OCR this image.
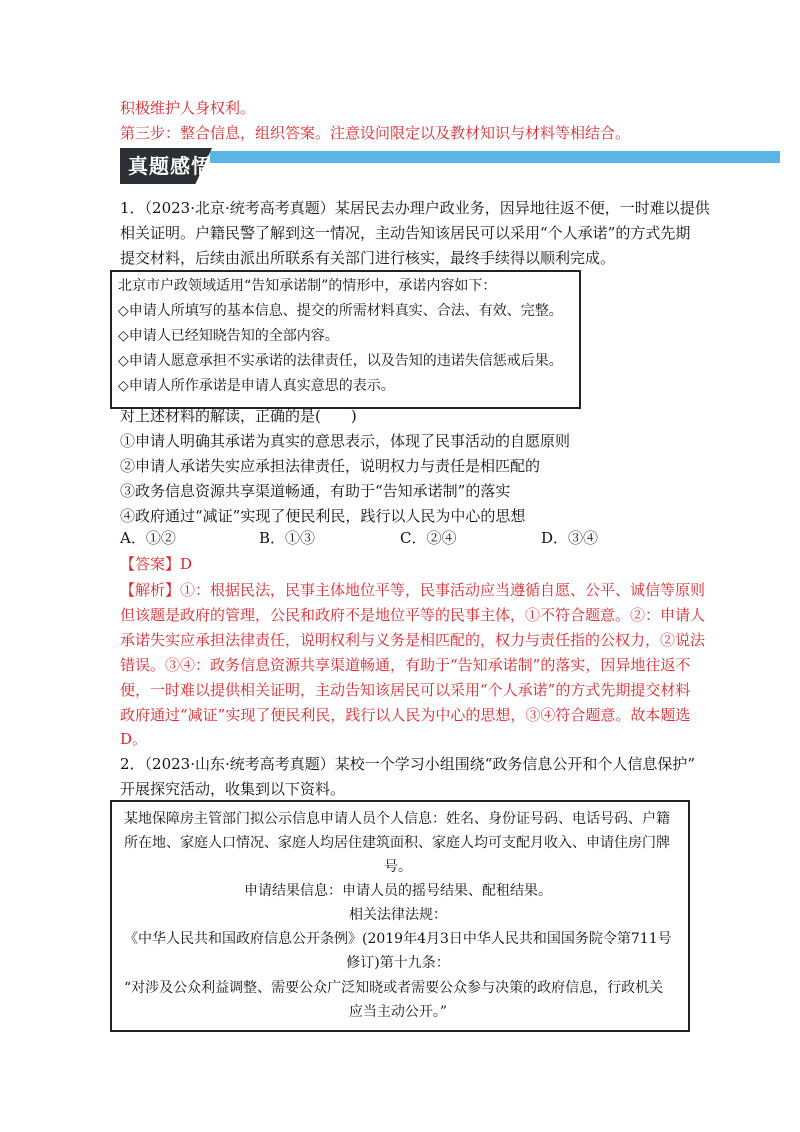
积极维护人身权利。
第三步：整合信息，组织答案。注意设问限定以及教材知识与材料等相结合。
真题感悟
1．（2023·北京·统考高考真题）某居民去办理户政业务，因异地往返不便，一时难以提供
相关证明。户籍民警了解到这一情况，主动告知该居民可以采用“个人承诺”的方式先期
提交材料，后续由派出所联系有关部门进行核实，最终手续得以顺利完成。
北京市户政领域适用“告知承诺制”的情形中，承诺内容如下：
◇申请人所填写的基本信息、提交的所需材料真实、合法、有效、完整。
◇申请人已经知晓告知的全部内容。
◇申请人愿意承担不实承诺的法律责任，以及告知的违诺失信惩戒后果。
◇申请人所作承诺是申请人真实意思的表示。
对上述材料的解读，正确的是(　　)
①申请人明确其承诺为真实的意思表示，体现了民事活动的自愿原则
②申请人承诺失实应承担法律责任，说明权力与责任是相匹配的
③政务信息资源共享渠道畅通，有助于“告知承诺制”的落实
④政府通过“减证”实现了便民利民，践行以人民为中心的思想
A．①②	B．①③	C．②④	D．③④
【答案】D
【解析】①：根据民法，民事主体地位平等，民事活动应当遵循自愿、公平、诚信等原则
但该题是政府的管理，公民和政府不是地位平等的民事主体，①不符合题意。②：申请人
承诺失实应承担法律责任，说明权利与义务是相匹配的，权力与责任指的公权力，②说法
错误。③④：政务信息资源共享渠道畅通，有助于“告知承诺制”的落实，因异地往返不
便，一时难以提供相关证明，主动告知该居民可以采用“个人承诺”的方式先期提交材料
政府通过“减证”实现了便民利民，践行以人民为中心的思想，③④符合题意。故本题选
D。
2．（2023·山东·统考高考真题）某校一个学习小组围绕“政务信息公开和个人信息保护”
开展探究活动，收集到以下资料。
某地保障房主管部门拟公示信息申请人员个人信息：姓名、身份证号码、电话号码、户籍
所在地、家庭人口情况、家庭人均居住建筑面积、家庭人均可支配月收入、申请住房门牌
号。
申请结果信息：申请人员的摇号结果、配租结果。
相关法律法规：
《中华人民共和国政府信息公开条例》(2019年4月3日中华人民共和国国务院令第711号
修订)第十九条：
“对涉及公众利益调整、需要公众广泛知晓或者需要公众参与决策的政府信息，行政机关
应当主动公开。”
